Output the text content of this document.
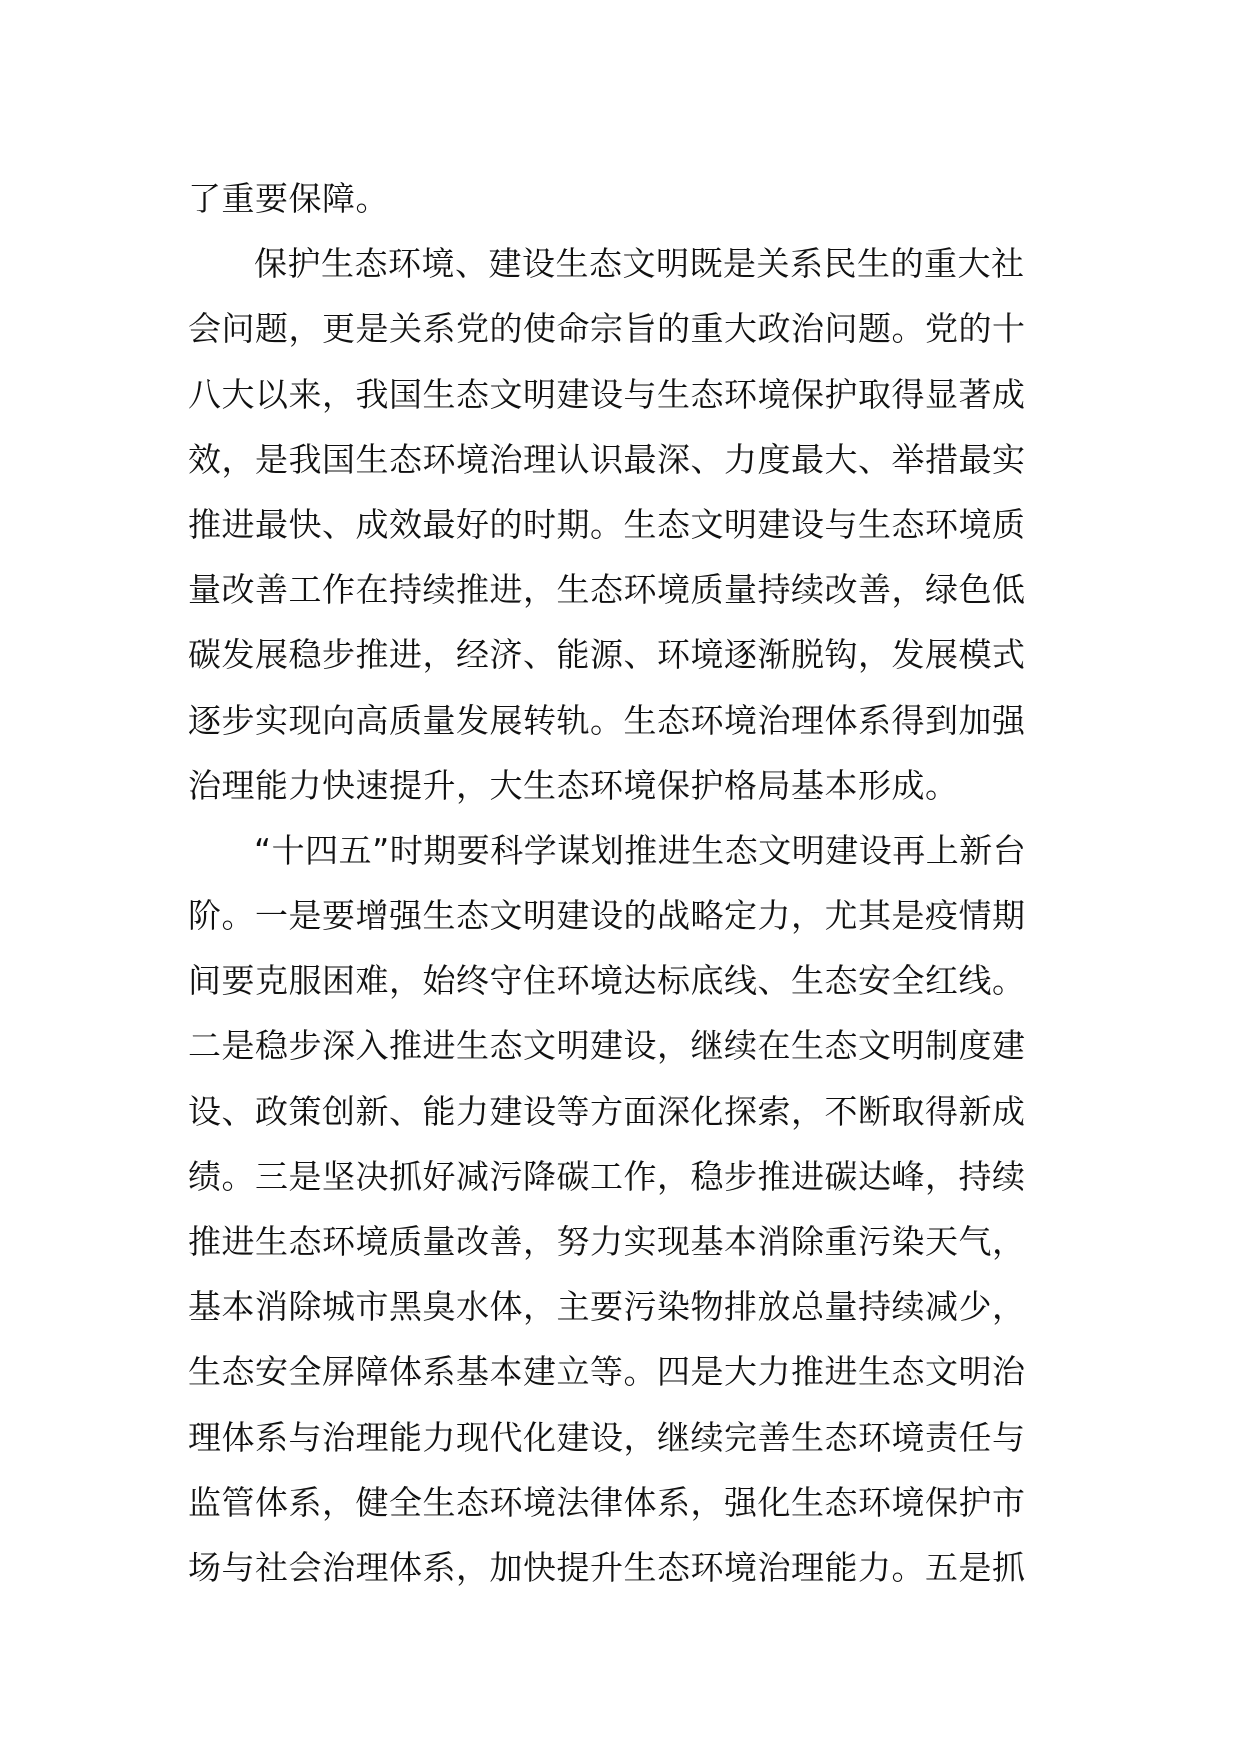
了重要保障。
保护生态环境、建设生态文明既是关系民生的重大社
会问题，更是关系党的使命宗旨的重大政治问题。党的十
八大以来，我国生态文明建设与生态环境保护取得显著成
效，是我国生态环境治理认识最深、力度最大、举措最实
推进最快、成效最好的时期。生态文明建设与生态环境质
量改善工作在持续推进，生态环境质量持续改善，绿色低
碳发展稳步推进，经济、能源、环境逐渐脱钩，发展模式
逐步实现向高质量发展转轨。生态环境治理体系得到加强
治理能力快速提升，大生态环境保护格局基本形成。
“十四五”时期要科学谋划推进生态文明建设再上新台
阶。一是要增强生态文明建设的战略定力，尤其是疫情期
间要克服困难，始终守住环境达标底线、生态安全红线。
二是稳步深入推进生态文明建设，继续在生态文明制度建
设、政策创新、能力建设等方面深化探索，不断取得新成
绩。三是坚决抓好减污降碳工作，稳步推进碳达峰，持续
推进生态环境质量改善，努力实现基本消除重污染天气，
基本消除城市黑臭水体，主要污染物排放总量持续减少，
生态安全屏障体系基本建立等。四是大力推进生态文明治
理体系与治理能力现代化建设，继续完善生态环境责任与
监管体系，健全生态环境法律体系，强化生态环境保护市
场与社会治理体系，加快提升生态环境治理能力。五是抓
